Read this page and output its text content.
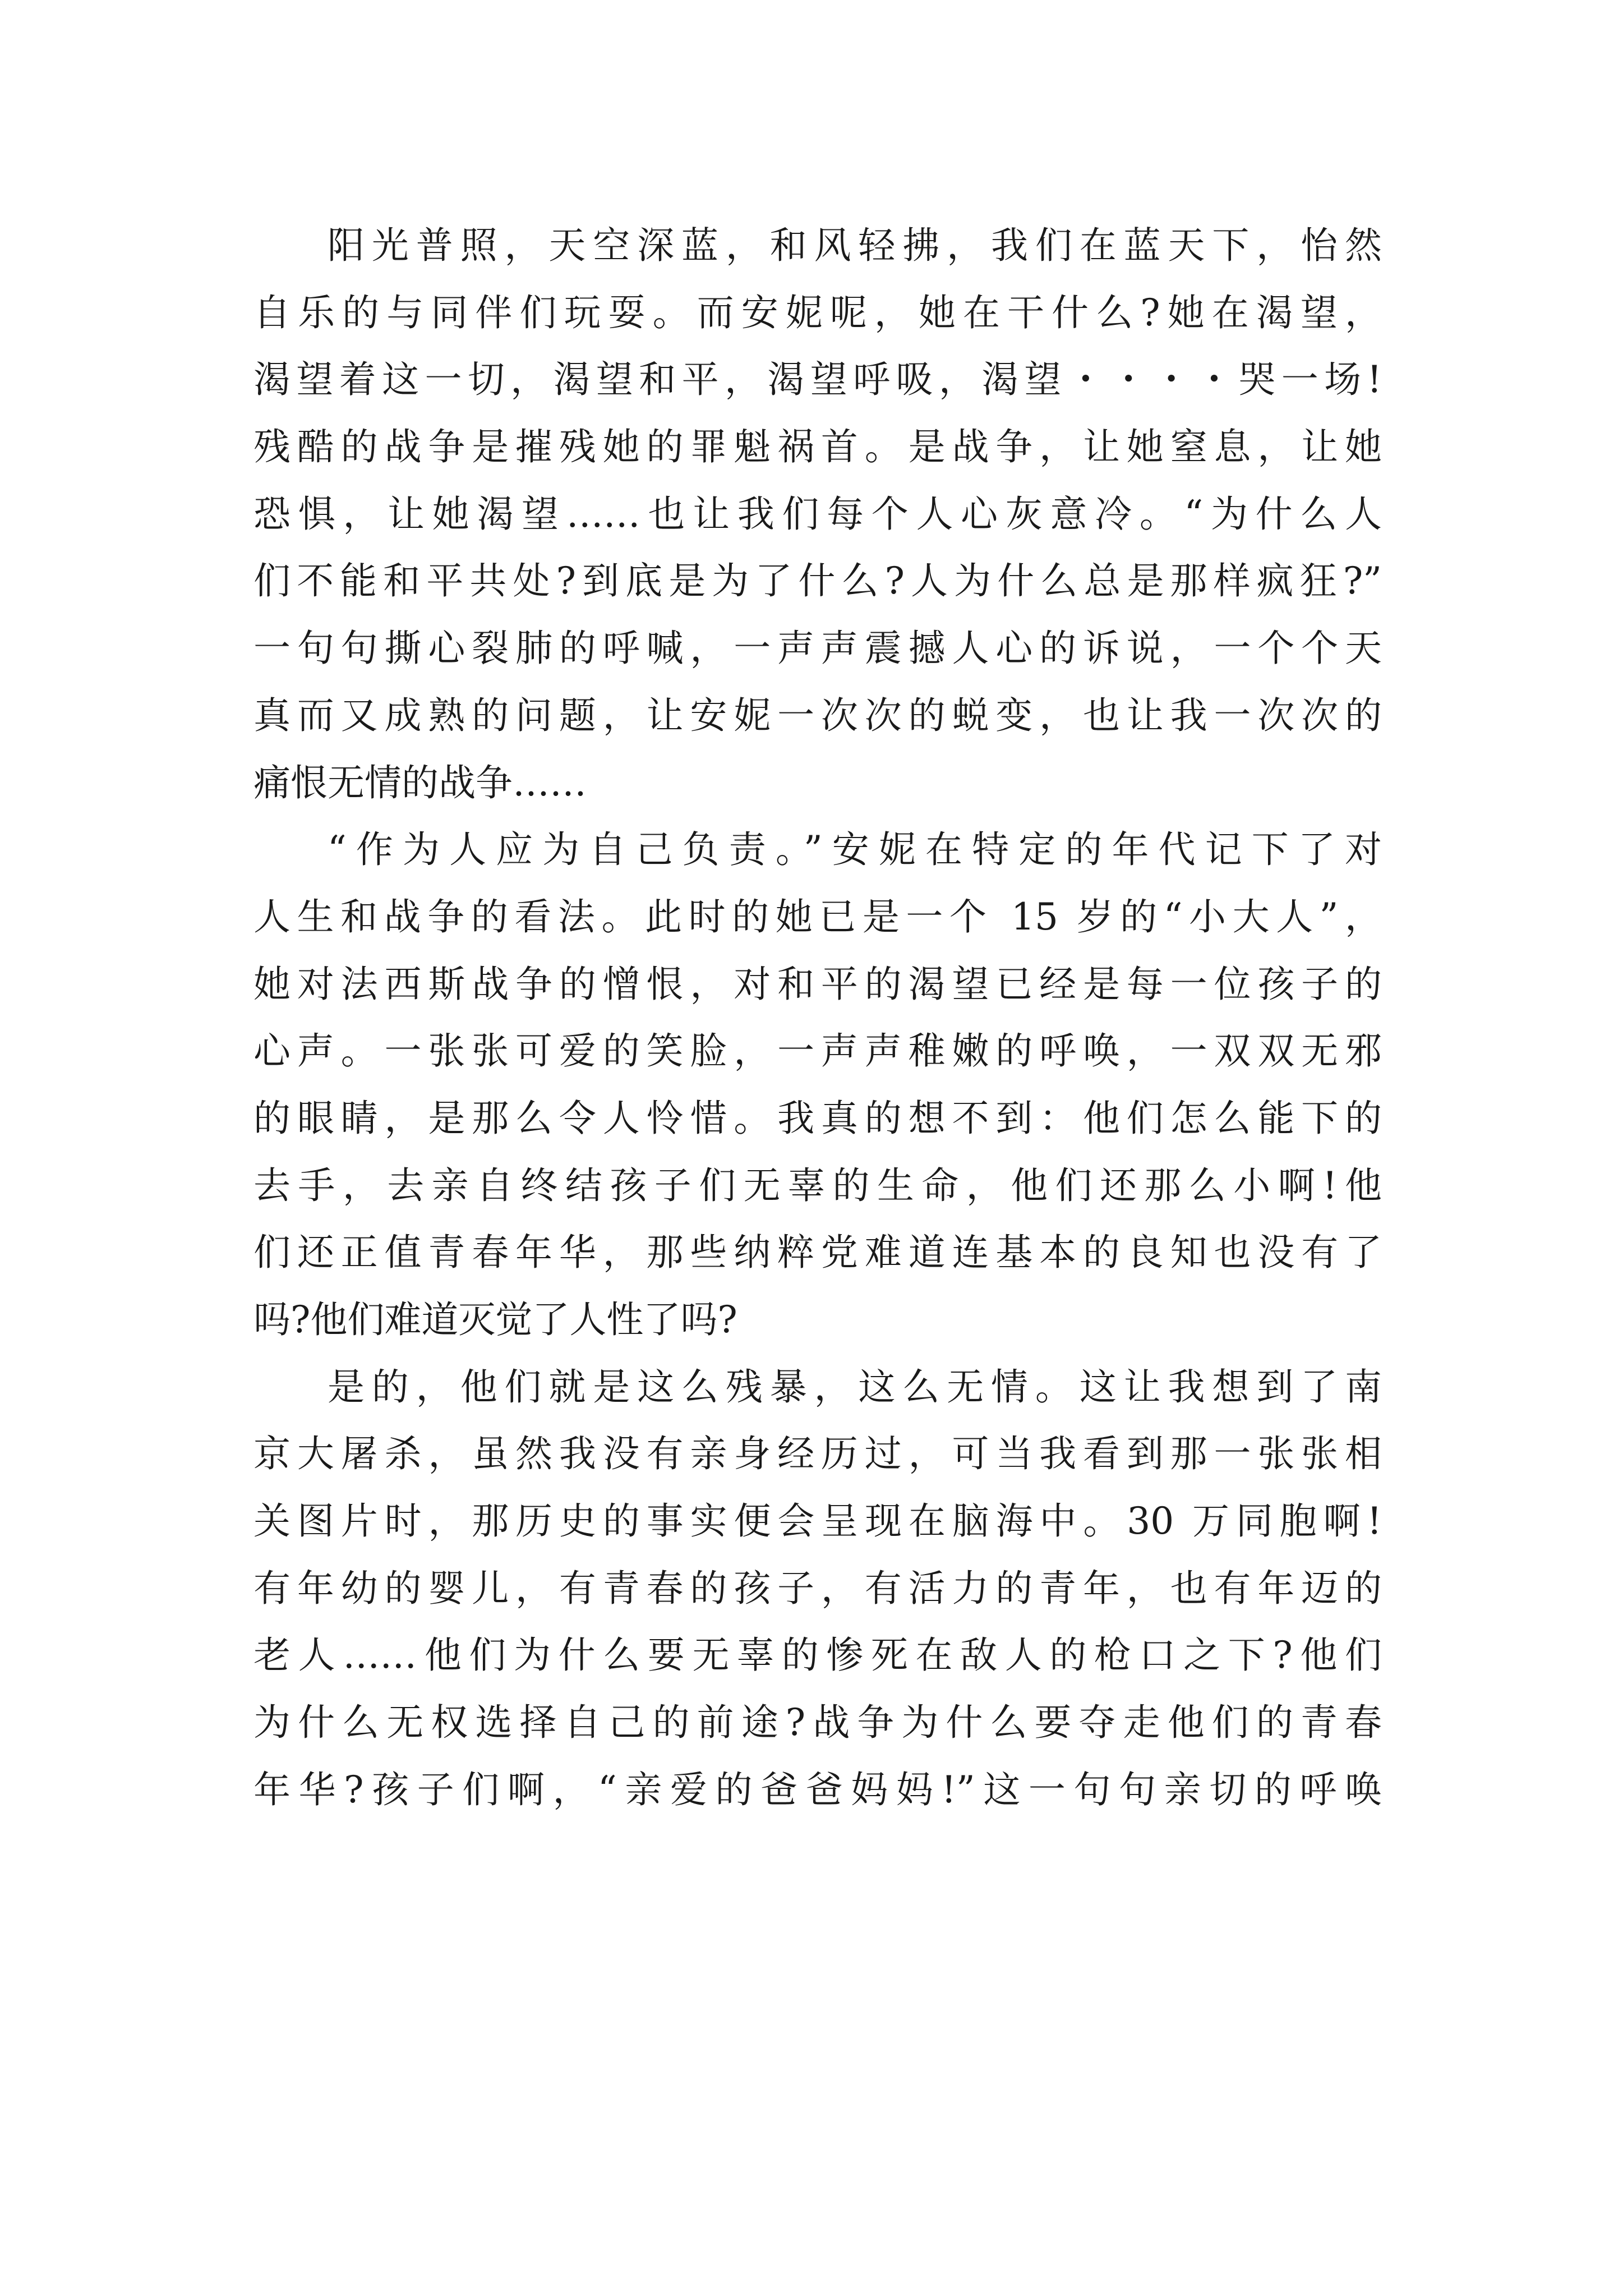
阳光普照，天空深蓝，和风轻拂，我们在蓝天下，怡然
自乐的与同伴们玩耍。而安妮呢，她在干什么?她在渴望，
渴望着这一切，渴望和平，渴望呼吸，渴望・・・・哭一场!
残酷的战争是摧残她的罪魁祸首。是战争，让她窒息，让她
恐惧，让她渴望……也让我们每个人心灰意冷。“为什么人
们不能和平共处?到底是为了什么?人为什么总是那样疯狂?”
一句句撕心裂肺的呼喊，一声声震撼人心的诉说，一个个天
真而又成熟的问题，让安妮一次次的蜕变，也让我一次次的
痛恨无情的战争……
“作为人应为自己负责。”安妮在特定的年代记下了对
人生和战争的看法。此时的她已是一个 15 岁的“小大人”，
她对法西斯战争的憎恨，对和平的渴望已经是每一位孩子的
心声。一张张可爱的笑脸，一声声稚嫩的呼唤，一双双无邪
的眼睛，是那么令人怜惜。我真的想不到：他们怎么能下的
去手，去亲自终结孩子们无辜的生命，他们还那么小啊!他
们还正值青春年华，那些纳粹党难道连基本的良知也没有了
吗?他们难道灭觉了人性了吗?
是的，他们就是这么残暴，这么无情。这让我想到了南
京大屠杀，虽然我没有亲身经历过，可当我看到那一张张相
关图片时，那历史的事实便会呈现在脑海中。30 万同胞啊!
有年幼的婴儿，有青春的孩子，有活力的青年，也有年迈的
老人……他们为什么要无辜的惨死在敌人的枪口之下?他们
为什么无权选择自己的前途?战争为什么要夺走他们的青春
年华?孩子们啊，“亲爱的爸爸妈妈!”这一句句亲切的呼唤
